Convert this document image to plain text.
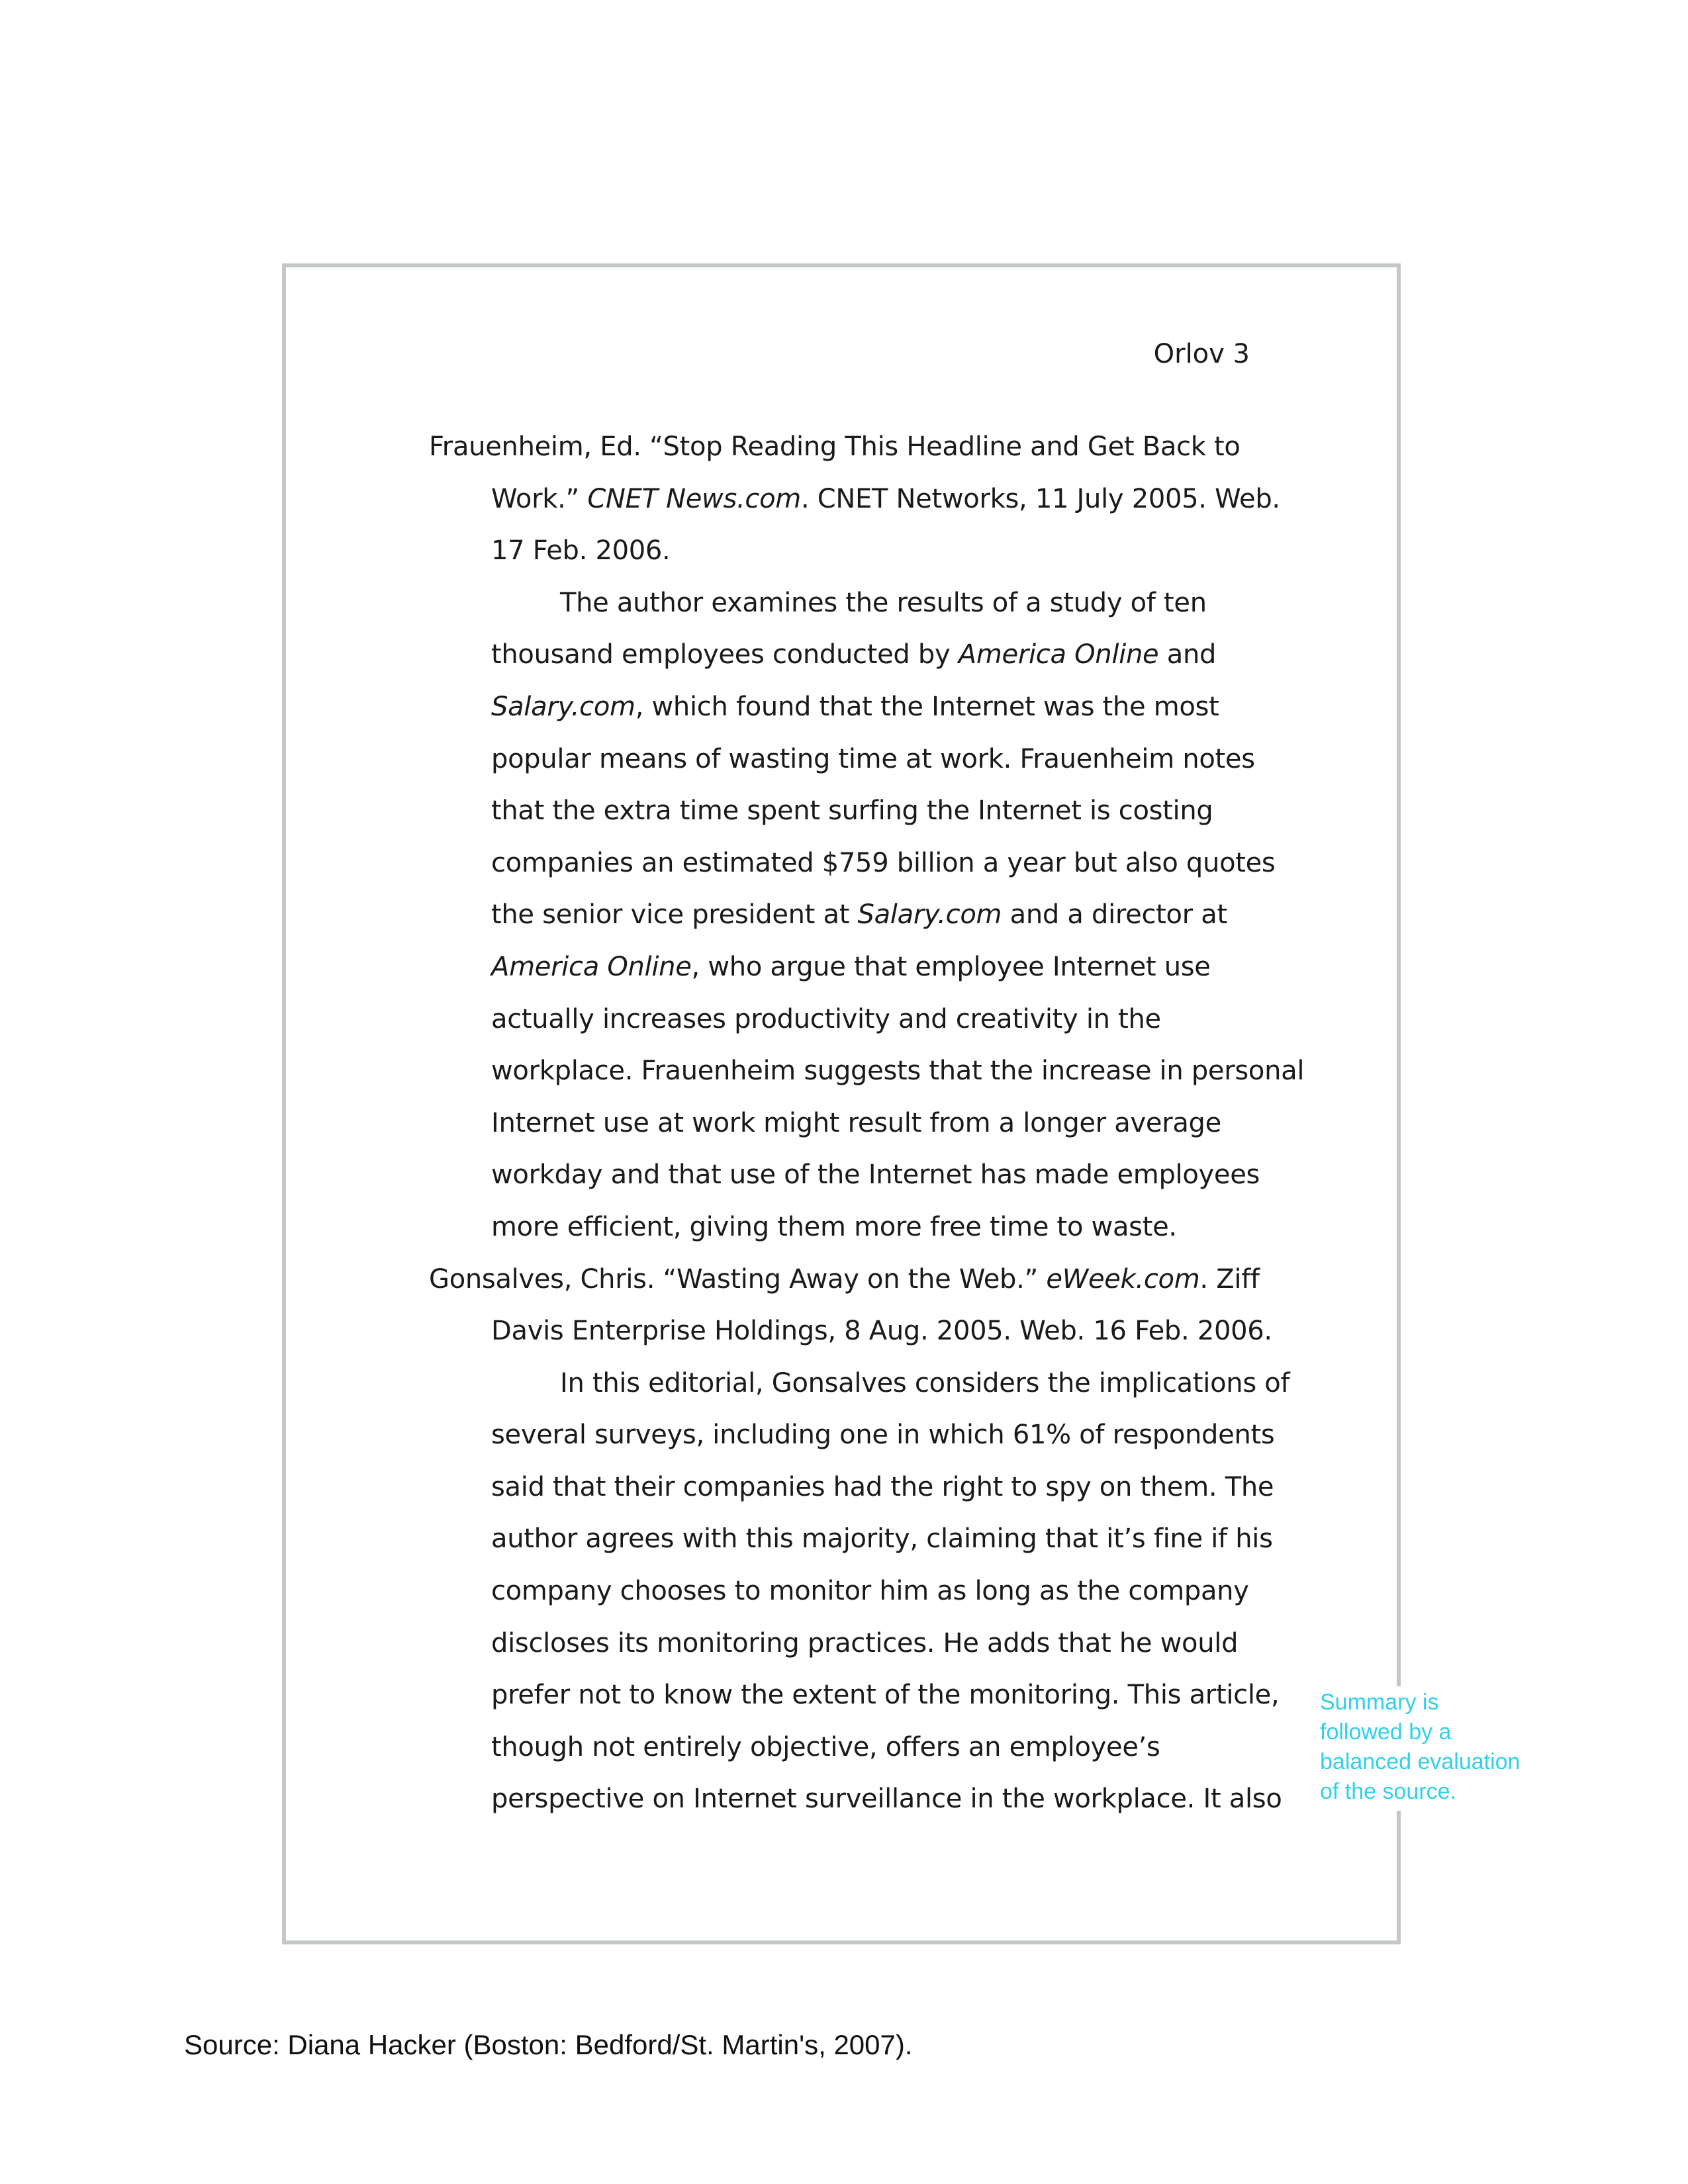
Orlov 3

Frauenheim, Ed. “Stop Reading This Headline and Get Back to
Work.” CNET News.com. CNET Networks, 11 July 2005. Web.
17 Feb. 2006.

The author examines the results of a study of ten
thousand employees conducted by America Online and
Salary.com, which found that the Internet was the most
popular means of wasting time at work. Frauenheim notes
that the extra time spent surfing the Internet is costing
companies an estimated $759 billion a year but also quotes
the senior vice president at Salary.com and a director at
America Online, who argue that employee Internet use
actually increases productivity and creativity in the
workplace. Frauenheim suggests that the increase in personal
Internet use at work might result from a longer average
workday and that use of the Internet has made employees
more efficient, giving them more free time to waste.

Gonsalves, Chris. “Wasting Away on the Web.” eWeek.com. Ziff
Davis Enterprise Holdings, 8 Aug. 2005. Web. 16 Feb. 2006.

In this editorial, Gonsalves considers the implications of
several surveys, including one in which 61% of respondents
said that their companies had the right to spy on them. The
author agrees with this majority, claiming that it’s fine if his
company chooses to monitor him as long as the company
discloses its monitoring practices. He adds that he would
prefer not to know the extent of the monitoring. This article,
though not entirely objective, offers an employee’s
perspective on Internet surveillance in the workplace. It also

Summary is
followed by a
balanced evaluation
of the source.
Source: Diana Hacker (Boston: Bedford/St. Martin's, 2007).
